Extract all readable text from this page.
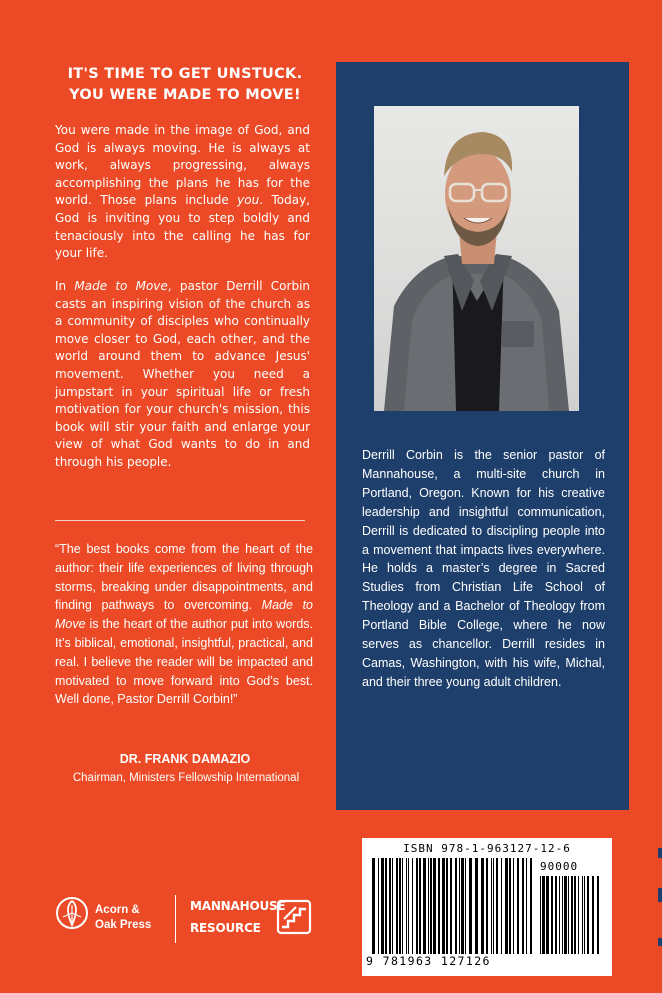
IT'S TIME TO GET UNSTUCK.
YOU WERE MADE TO MOVE!
You were made in the image of God, and God is always moving. He is always at work, always progressing, always accomplishing the plans he has for the world. Those plans include you. Today, God is inviting you to step boldly and tenaciously into the calling he has for your life.
In Made to Move, pastor Derrill Corbin casts an inspiring vision of the church as a community of disciples who continually move closer to God, each other, and the world around them to advance Jesus' movement. Whether you need a jumpstart in your spiritual life or fresh motivation for your church's mission, this book will stir your faith and enlarge your view of what God wants to do in and through his people.
“The best books come from the heart of the author: their life experiences of living through storms, breaking under disappointments, and finding pathways to overcoming. Made to Move is the heart of the author put into words. It’s biblical, emotional, insightful, practical, and real. I believe the reader will be impacted and motivated to move forward into God’s best. Well done, Pastor Derrill Corbin!”
DR. FRANK DAMAZIO
Chairman, Ministers Fellowship International
Derrill Corbin is the senior pastor of Mannahouse, a multi-site church in Portland, Oregon. Known for his creative leadership and insightful communication, Derrill is dedicated to discipling people into a movement that impacts lives everywhere. He holds a master’s degree in Sacred Studies from Christian Life School of Theology and a Bachelor of Theology from Portland Bible College, where he now serves as chancellor. Derrill resides in Camas, Washington, with his wife, Michal, and their three young adult children.
ISBN 978-1-963127-12-6
90000
9 781963 127126
Acorn &
Oak Press
MANNAHOUSE
RESOURCE
